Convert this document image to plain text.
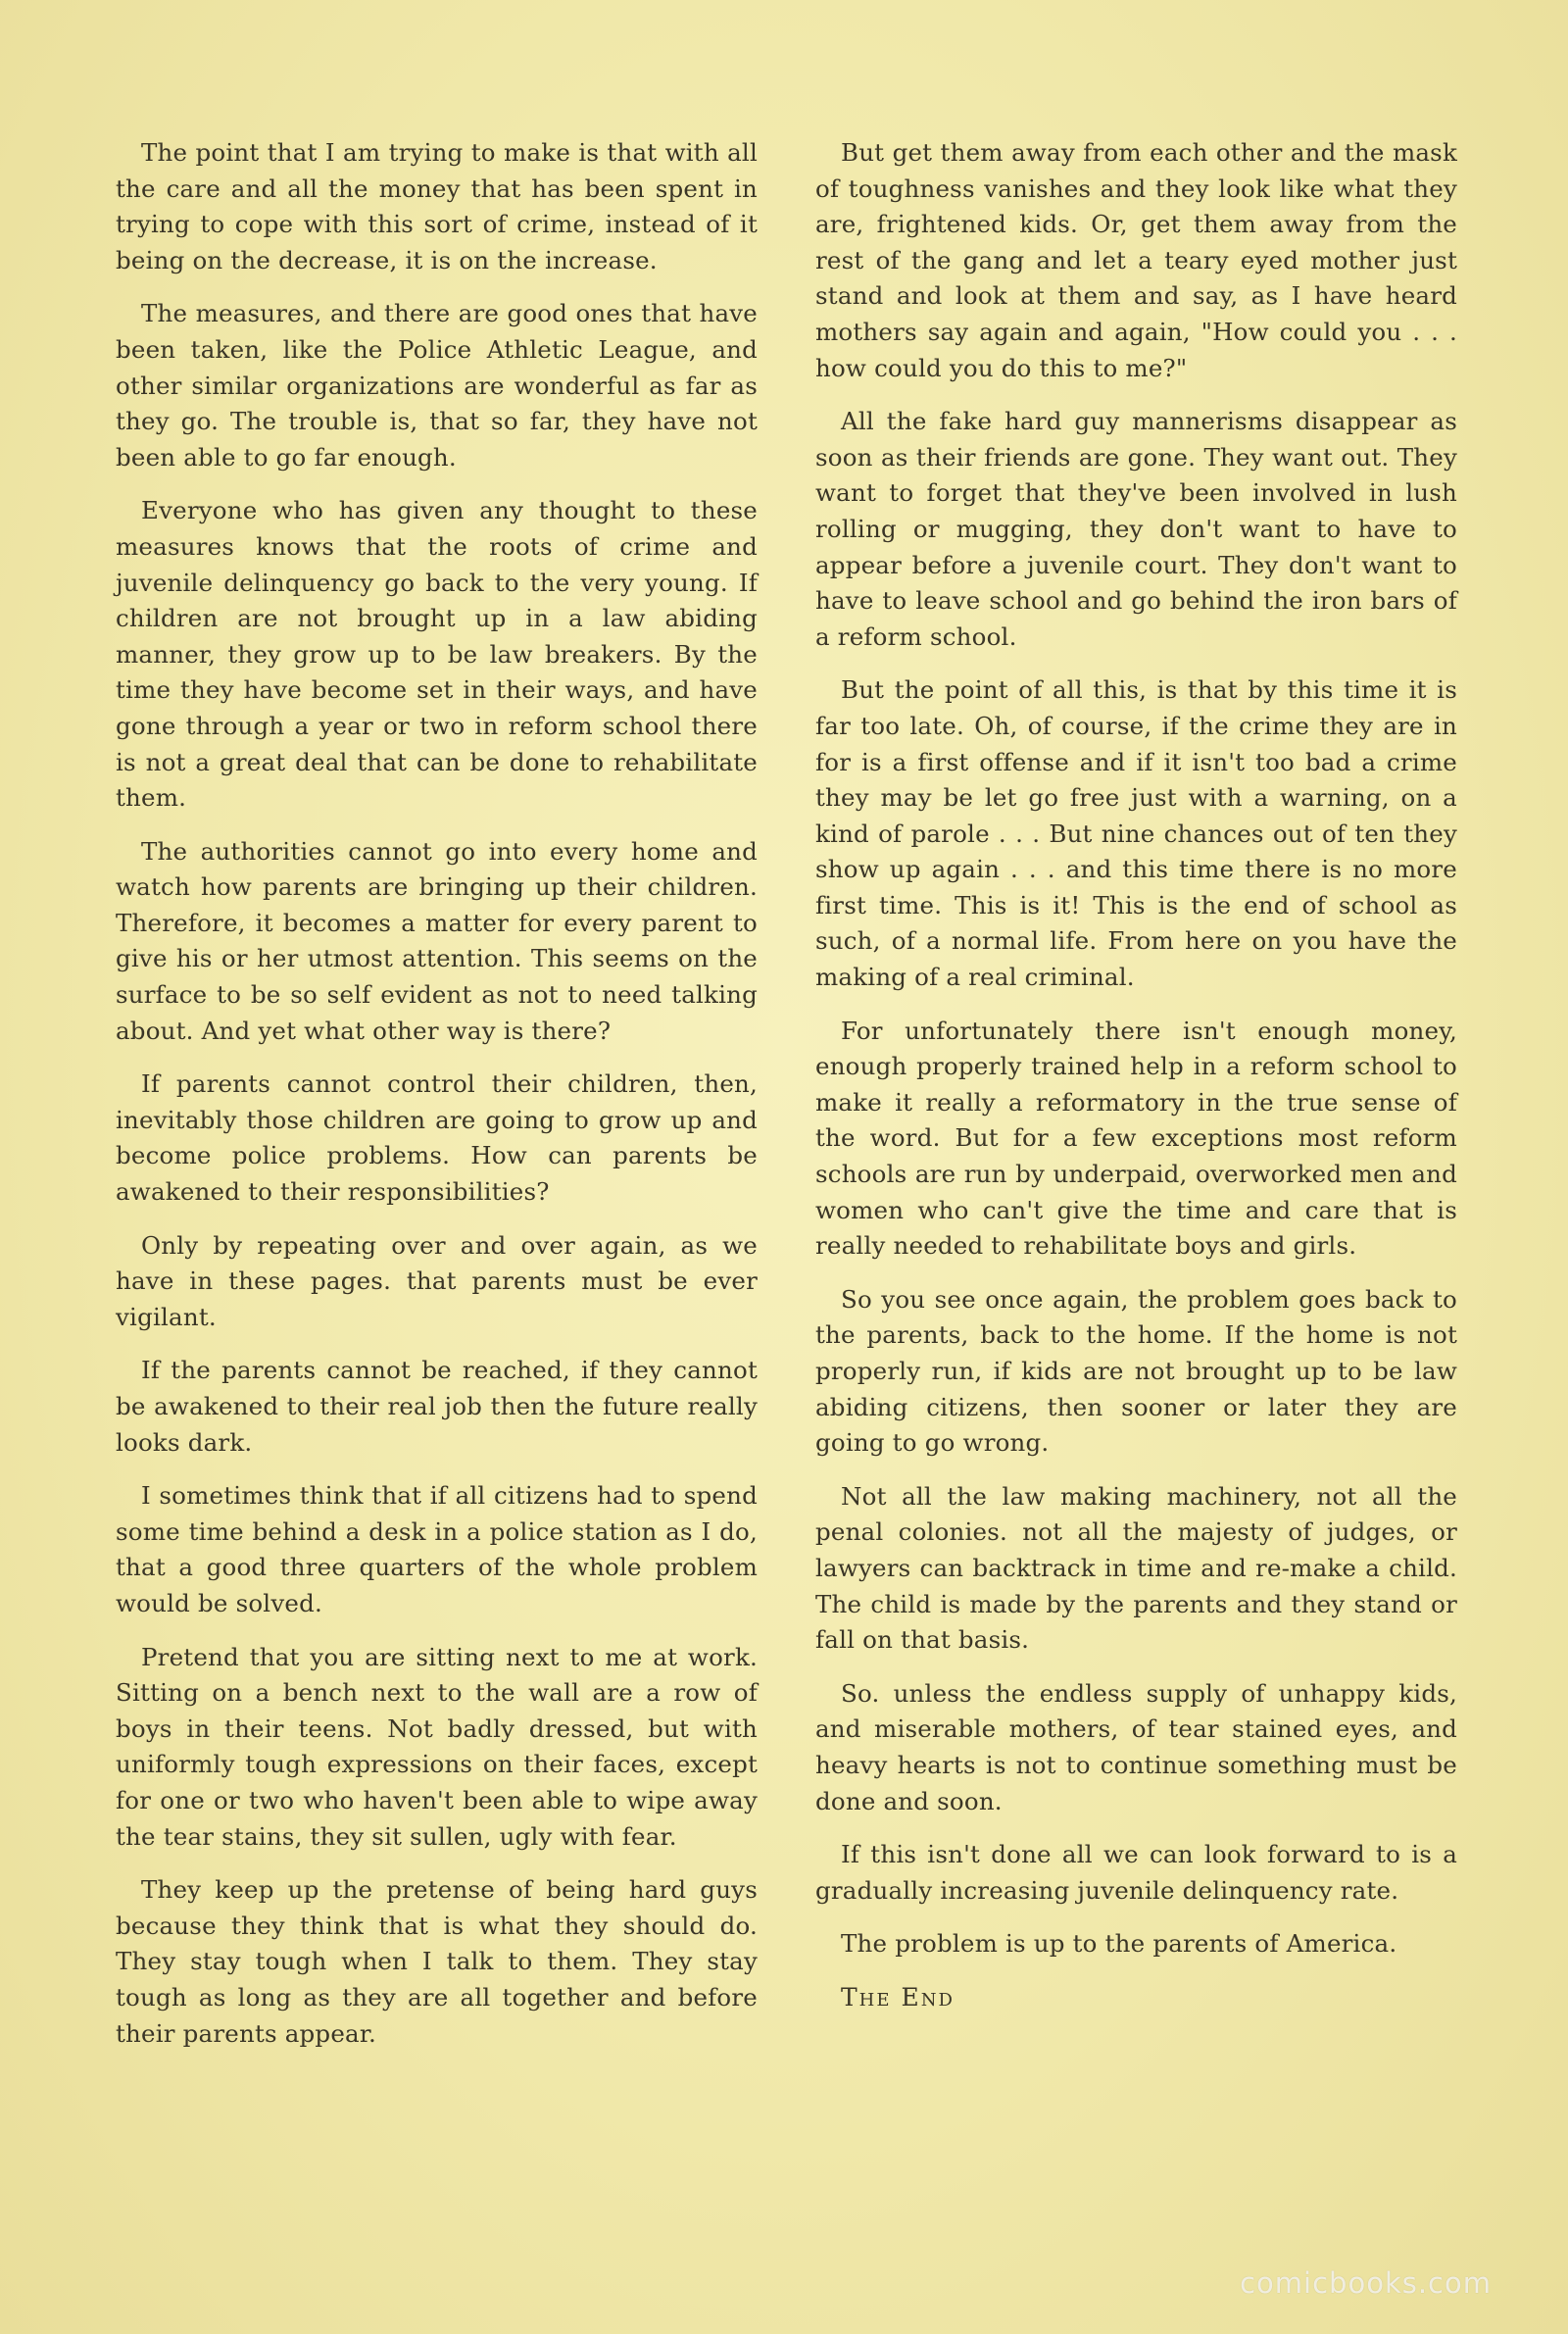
The point that I am trying to make is that with all the care and all the money that has been spent in trying to cope with this sort of crime, instead of it being on the decrease, it is on the increase.

The measures, and there are good ones that have been taken, like the Police Athletic League, and other similar organizations are wonderful as far as they go. The trouble is, that so far, they have not been able to go far enough.

Everyone who has given any thought to these measures knows that the roots of crime and juvenile delinquency go back to the very young. If children are not brought up in a law abiding manner, they grow up to be law breakers. By the time they have become set in their ways, and have gone through a year or two in reform school there is not a great deal that can be done to rehabilitate them.

The authorities cannot go into every home and watch how parents are bringing up their children. Therefore, it becomes a matter for every parent to give his or her utmost attention. This seems on the surface to be so self evident as not to need talking about. And yet what other way is there?

If parents cannot control their children, then, inevitably those children are going to grow up and become police problems. How can parents be awakened to their responsibilities?

Only by repeating over and over again, as we have in these pages. that parents must be ever vigilant.

If the parents cannot be reached, if they cannot be awakened to their real job then the future really looks dark.

I sometimes think that if all citizens had to spend some time behind a desk in a police station as I do, that a good three quarters of the whole problem would be solved.

Pretend that you are sitting next to me at work. Sitting on a bench next to the wall are a row of boys in their teens. Not badly dressed, but with uniformly tough expressions on their faces, except for one or two who haven't been able to wipe away the tear stains, they sit sullen, ugly with fear.

They keep up the pretense of being hard guys because they think that is what they should do. They stay tough when I talk to them. They stay tough as long as they are all together and before their parents appear.

But get them away from each other and the mask of toughness vanishes and they look like what they are, frightened kids. Or, get them away from the rest of the gang and let a teary eyed mother just stand and look at them and say, as I have heard mothers say again and again, "How could you . . . how could you do this to me?"

All the fake hard guy mannerisms disappear as soon as their friends are gone. They want out. They want to forget that they've been involved in lush rolling or mugging, they don't want to have to appear before a juvenile court. They don't want to have to leave school and go behind the iron bars of a reform school.

But the point of all this, is that by this time it is far too late. Oh, of course, if the crime they are in for is a first offense and if it isn't too bad a crime they may be let go free just with a warning, on a kind of parole . . . But nine chances out of ten they show up again . . . and this time there is no more first time. This is it! This is the end of school as such, of a normal life. From here on you have the making of a real criminal.

For unfortunately there isn't enough money, enough properly trained help in a reform school to make it really a reformatory in the true sense of the word. But for a few exceptions most reform schools are run by underpaid, overworked men and women who can't give the time and care that is really needed to rehabilitate boys and girls.

So you see once again, the problem goes back to the parents, back to the home. If the home is not properly run, if kids are not brought up to be law abiding citizens, then sooner or later they are going to go wrong.

Not all the law making machinery, not all the penal colonies. not all the majesty of judges, or lawyers can backtrack in time and re-make a child. The child is made by the parents and they stand or fall on that basis.

So. unless the endless supply of unhappy kids, and miserable mothers, of tear stained eyes, and heavy hearts is not to continue something must be done and soon.

If this isn't done all we can look forward to is a gradually increasing juvenile delinquency rate.

The problem is up to the parents of America.

The End

comicbooks.com
